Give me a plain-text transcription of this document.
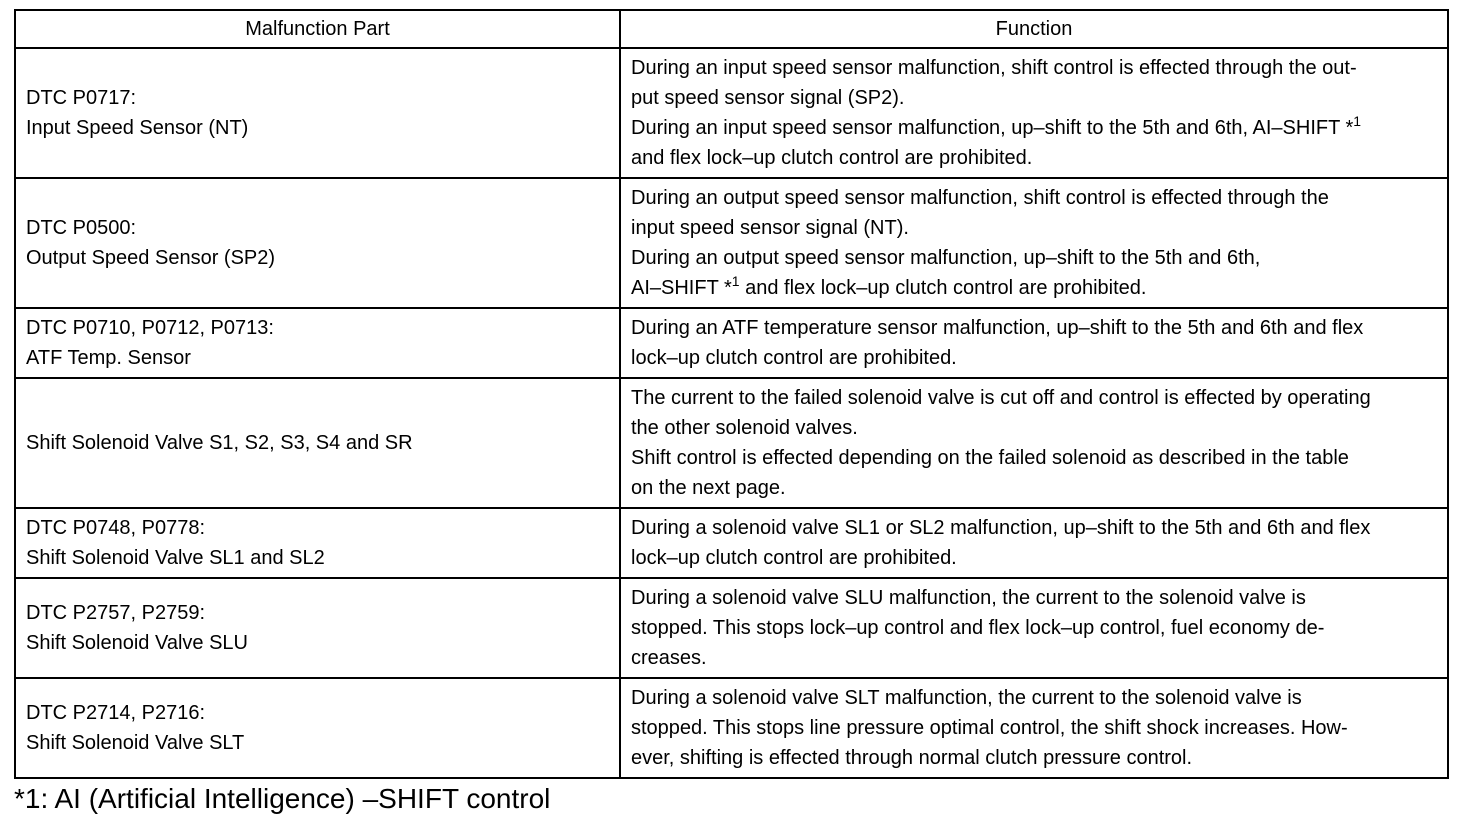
Malfunction Part	Function

DTC P0717:
Input Speed Sensor (NT)	During an input speed sensor malfunction, shift control is effected through the out-
put speed sensor signal (SP2).
During an input speed sensor malfunction, up–shift to the 5th and 6th, AI–SHIFT *$^1$
and flex lock–up clutch control are prohibited.

DTC P0500:
Output Speed Sensor (SP2)	During an output speed sensor malfunction, shift control is effected through the
input speed sensor signal (NT).
During an output speed sensor malfunction, up–shift to the 5th and 6th,
AI–SHIFT *$^1$ and flex lock–up clutch control are prohibited.

DTC P0710, P0712, P0713:
ATF Temp. Sensor	During an ATF temperature sensor malfunction, up–shift to the 5th and 6th and flex
lock–up clutch control are prohibited.

Shift Solenoid Valve S1, S2, S3, S4 and SR	The current to the failed solenoid valve is cut off and control is effected by operating
the other solenoid valves.
Shift control is effected depending on the failed solenoid as described in the table
on the next page.

DTC P0748, P0778:
Shift Solenoid Valve SL1 and SL2	During a solenoid valve SL1 or SL2 malfunction, up–shift to the 5th and 6th and flex
lock–up clutch control are prohibited.

DTC P2757, P2759:
Shift Solenoid Valve SLU	During a solenoid valve SLU malfunction, the current to the solenoid valve is
stopped. This stops lock–up control and flex lock–up control, fuel economy de-
creases.

DTC P2714, P2716:
Shift Solenoid Valve SLT	During a solenoid valve SLT malfunction, the current to the solenoid valve is
stopped. This stops line pressure optimal control, the shift shock increases. How-
ever, shifting is effected through normal clutch pressure control.
*1: AI (Artificial Intelligence) –SHIFT control
